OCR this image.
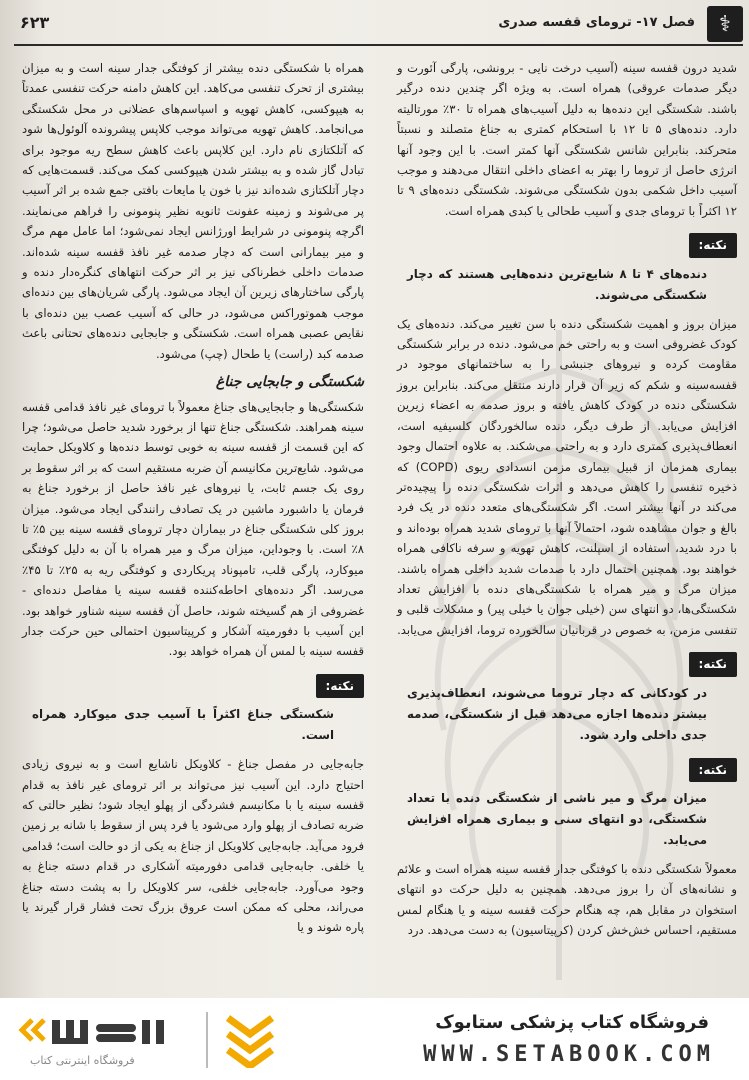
⚕
فصل ۱۷- ترومای قفسه صدری
۶۲۳

شدید درون قفسه سینه (آسیب درخت نایی - برونشی، پارگی آئورت و دیگر صدمات عروقی) همراه است. به ویژه اگر چندین دنده درگیر باشند. شکستگی این دنده‌ها به دلیل آسیب‌های همراه تا ۳۰٪ مورتالیته دارد. دنده‌های ۵ تا ۱۲ با استحکام کمتری به جناغ متصلند و نسبتاً متحرکند. بنابراین شانس شکستگی آنها کمتر است. با این وجود آنها انرژی حاصل از تروما را بهتر به اعضای داخلی انتقال می‌دهند و موجب آسیب داخل شکمی بدون شکستگی می‌شوند. شکستگی دنده‌های ۹ تا ۱۲ اکثراً با ترومای جدی و آسیب طحالی یا کبدی همراه است.

نکته:

دنده‌های ۴ تا ۸ شایع‌ترین دنده‌هایی هستند که دچار شکستگی می‌شوند.

میزان بروز و اهمیت شکستگی دنده با سن تغییر می‌کند. دنده‌های یک کودک غضروفی است و به راحتی خم می‌شود. دنده در برابر شکستگی مقاومت کرده و نیروهای جنبشی را به ساختمانهای موجود در قفسه‌سینه و شکم که زیر آن قرار دارند منتقل می‌کند. بنابراین بروز شکستگی دنده در کودک کاهش یافته و بروز صدمه به اعضاء زیرین افزایش می‌یابد. از طرف دیگر، دنده سالخوردگان کلسیفیه است، انعطاف‌پذیری کمتری دارد و به راحتی می‌شکند. به علاوه احتمال وجود بیماری همزمان از قبیل بیماری مزمن انسدادی ریوی (COPD) که ذخیره تنفسی را کاهش می‌دهد و اثرات شکستگی دنده را پیچیده‌تر می‌کند در آنها بیشتر است. اگر شکستگی‌های متعدد دنده در یک فرد بالغ و جوان مشاهده شود، احتمالاً آنها با ترومای شدید همراه بوده‌اند و با درد شدید، استفاده از اسپلنت، کاهش تهویه و سرفه ناکافی همراه خواهند بود. همچنین احتمال دارد با صدمات شدید داخلی همراه باشند. میزان مرگ و میر همراه با شکستگی‌های دنده با افزایش تعداد شکستگی‌ها، دو انتهای سن (خیلی جوان یا خیلی پیر) و مشکلات قلبی و تنفسی مزمن، به خصوص در قربانیان سالخورده تروما، افزایش می‌یابد.

نکته:

در کودکانی که دچار تروما می‌شوند، انعطاف‌پذیری بیشتر دنده‌ها اجازه می‌دهد قبل از شکستگی، صدمه جدی داخلی وارد شود.

نکته:

میزان مرگ و میر ناشی از شکستگی دنده با تعداد شکستگی، دو انتهای سنی و بیماری همراه افزایش می‌یابد.

معمولاً شکستگی دنده با کوفتگی جدار قفسه سینه همراه است و علائم و نشانه‌های آن را بروز می‌دهد. همچنین به دلیل حرکت دو انتهای استخوان در مقابل هم، چه هنگام حرکت قفسه سینه و یا هنگام لمس مستقیم، احساس خش‌خش کردن (کرپیتاسیون) به دست می‌دهد. درد

همراه با شکستگی دنده بیشتر از کوفتگی جدار سینه است و به میزان بیشتری از تحرک تنفسی می‌کاهد. این کاهش دامنه حرکت تنفسی عمدتاً به هیپوکسی، کاهش تهویه و اسپاسم‌های عضلانی در محل شکستگی می‌انجامد. کاهش تهویه می‌تواند موجب کلاپس پیشرونده آلوئول‌ها شود که آتلکتازی نام دارد. این کلاپس باعث کاهش سطح ریه موجود برای تبادل گاز شده و به بیشتر شدن هیپوکسی کمک می‌کند. قسمت‌هایی که دچار آتلکتازی شده‌اند نیز با خون یا مایعات بافتی جمع شده بر اثر آسیب پر می‌شوند و زمینه عفونت ثانویه نظیر پنومونی را فراهم می‌نمایند. اگرچه پنومونی در شرایط اورژانس ایجاد نمی‌شود؛ اما عامل مهم مرگ و میر بیمارانی است که دچار صدمه غیر نافذ قفسه سینه شده‌اند. صدمات داخلی خطرناکی نیز بر اثر حرکت انتهاهای کنگره‌دار دنده و پارگی ساختارهای زیرین آن ایجاد می‌شود. پارگی شریان‌های بین دنده‌ای موجب هموتوراکس می‌شود، در حالی که آسیب عصب بین دنده‌ای با نقایص عصبی همراه است. شکستگی و جابجایی دنده‌های تحتانی باعث صدمه کبد (راست) یا طحال (چپ) می‌شود.

شکستگی و جابجایی جناغ

شکستگی‌ها و جابجایی‌های جناغ معمولاً با ترومای غیر نافذ قدامی قفسه سینه همراهند. شکستگی جناغ تنها از برخورد شدید حاصل می‌شود؛ چرا که این قسمت از قفسه سینه به خوبی توسط دنده‌ها و کلاویکل حمایت می‌شود. شایع‌ترین مکانیسم آن ضربه مستقیم است که بر اثر سقوط بر روی یک جسم ثابت، یا نیروهای غیر نافذ حاصل از برخورد جناغ به فرمان یا داشبورد ماشین در یک تصادف رانندگی ایجاد می‌شود. میزان بروز کلی شکستگی جناغ در بیماران دچار ترومای قفسه سینه بین ۵٪ تا ۸٪ است. با وجوداین، میزان مرگ و میر همراه با آن به دلیل کوفتگی میوکارد، پارگی قلب، تامپوناد پریکاردی و کوفتگی ریه به ۲۵٪ تا ۴۵٪ می‌رسد. اگر دنده‌های احاطه‌کننده قفسه سینه یا مفاصل دنده‌ای - غضروفی از هم گسیخته شوند، حاصل آن قفسه سینه شناور خواهد بود. این آسیب با دفورمیته آشکار و کرپیتاسیون احتمالی حین حرکت جدار قفسه سینه با لمس آن همراه خواهد بود.

نکته:

شکستگی جناغ اکثراً با آسیب جدی میوکارد همراه است.

جابه‌جایی در مفصل جناغ - کلاویکل ناشایع است و به نیروی زیادی احتیاج دارد. این آسیب نیز می‌تواند بر اثر ترومای غیر نافذ به قدام قفسه سینه یا با مکانیسم فشردگی از پهلو ایجاد شود؛ نظیر حالتی که ضربه تصادف از پهلو وارد می‌شود یا فرد پس از سقوط با شانه بر زمین فرود می‌آید. جابه‌جایی کلاویکل از جناغ به یکی از دو حالت است؛ قدامی یا خلفی. جابه‌جایی قدامی دفورمیته آشکاری در قدام دسته جناغ به وجود می‌آورد. جابه‌جایی خلفی، سر کلاویکل را به پشت دسته جناغ می‌راند، محلی که ممکن است عروق بزرگ تحت فشار قرار گیرند یا پاره شوند و یا

فروشگاه اینترنتی کتاب
فروشگاه کتاب پزشکی ستابوک
WWW.SETABOOK.COM
